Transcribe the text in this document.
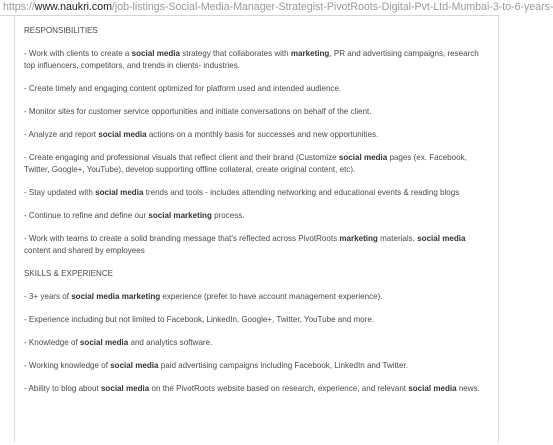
https://www.naukri.com/job-listings-Social-Media-Manager-Strategist-PivotRoots-Digital-Pvt-Ltd-Mumbai-3-to-6-years-

RESPONSIBILITIES

- Work with clients to create a social media strategy that collaborates with marketing, PR and advertising campaigns, research top influencers, competitors, and trends in clients- industries.

- Create timely and engaging content optimized for platform used and intended audience.

- Monitor sites for customer service opportunities and initiate conversations on behalf of the client.

- Analyze and report social media actions on a monthly basis for successes and new opportunities.

- Create engaging and professional visuals that reflect client and their brand (Customize social media pages (ex. Facebook, Twitter, Google+, YouTube), develop supporting offline collateral, create original content, etc).

- Stay updated with social media trends and tools - includes attending networking and educational events & reading blogs

- Continue to refine and define our social marketing process.

- Work with teams to create a solid branding message that's reflected across PivotRoots marketing materials, social media content and shared by employees

SKILLS & EXPERIENCE

- 3+ years of social media marketing experience (prefer to have account management experience).

- Experience including but not limited to Facebook, LinkedIn, Google+, Twitter, YouTube and more.

- Knowledge of social media and analytics software.

- Working knowledge of social media paid advertising campaigns including Facebook, LinkedIn and Twitter.

- Ability to blog about social media on the PivotRoots website based on research, experience, and relevant social media news.
